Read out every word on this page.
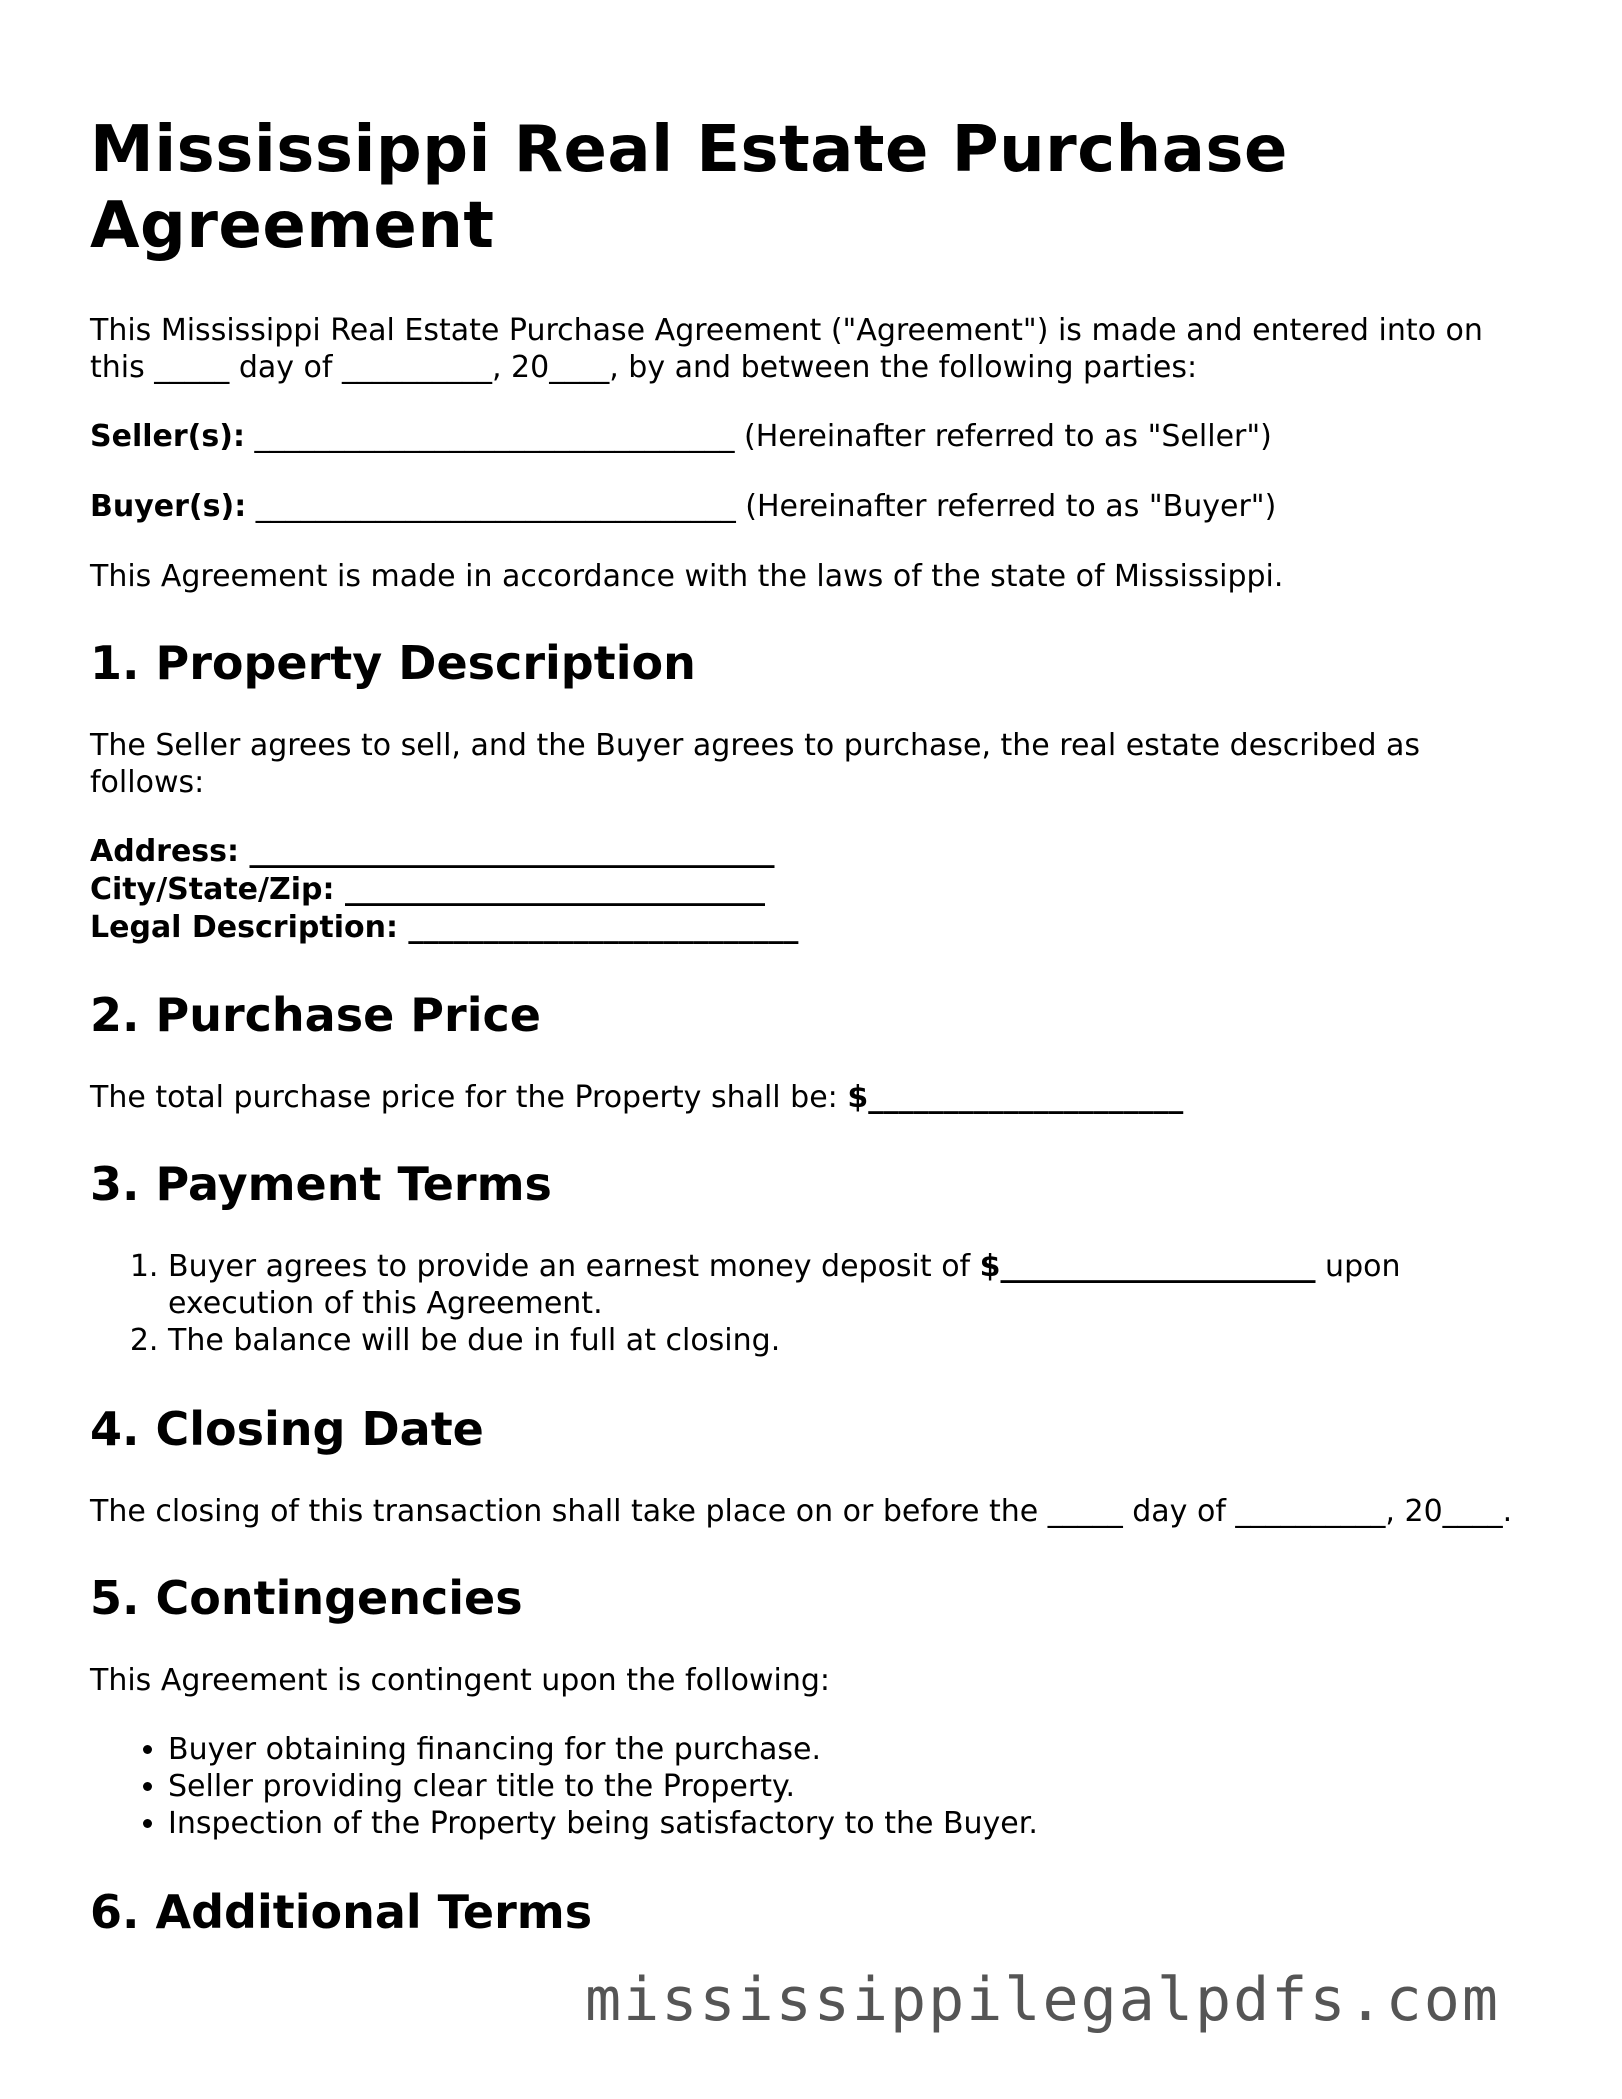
Mississippi Real Estate Purchase Agreement

This Mississippi Real Estate Purchase Agreement ("Agreement") is made and entered into on this _____ day of __________, 20____, by and between the following parties:

Seller(s): ________________________________ (Hereinafter referred to as "Seller")
Buyer(s): ________________________________ (Hereinafter referred to as "Buyer")

This Agreement is made in accordance with the laws of the state of Mississippi.

1. Property Description

The Seller agrees to sell, and the Buyer agrees to purchase, the real estate described as follows:

Address: ___________________________________
City/State/Zip: ____________________________
Legal Description: __________________________
2. Purchase Price

The total purchase price for the Property shall be: $_____________________

3. Payment Terms
1. Buyer agrees to provide an earnest money deposit of $_____________________ upon execution of this Agreement.
2. The balance will be due in full at closing.
4. Closing Date

The closing of this transaction shall take place on or before the _____ day of __________, 20____.

5. Contingencies

This Agreement is contingent upon the following:

• Buyer obtaining financing for the purchase.
• Seller providing clear title to the Property.
• Inspection of the Property being satisfactory to the Buyer.
6. Additional Terms
mississippilegalpdfs.com
